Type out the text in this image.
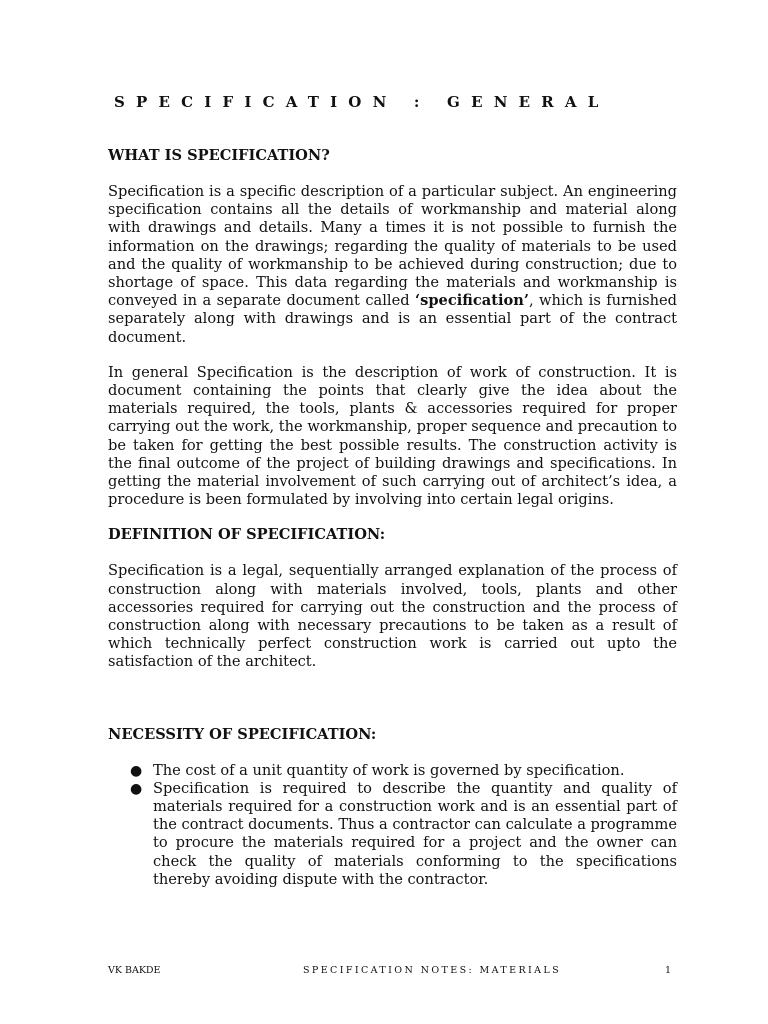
SPECIFICATION : GENERAL
WHAT IS SPECIFICATION?

Specification is a specific description of a particular subject. An engineering specification contains all the details of workmanship and material along with drawings and details. Many a times it is not possible to furnish the information on the drawings; regarding the quality of materials to be used and the quality of workmanship to be achieved during construction; due to shortage of space. This data regarding the materials and workmanship is conveyed in a separate document called ‘specification’, which is furnished separately along with drawings and is an essential part of the contract document.

In general Specification is the description of work of construction. It is document containing the points that clearly give the idea about the materials required, the tools, plants & accessories required for proper carrying out the work, the workmanship, proper sequence and precaution to be taken for getting the best possible results. The construction activity is the final outcome of the project of building drawings and specifications. In getting the material involvement of such carrying out of architect’s idea, a procedure is been formulated by involving into certain legal origins.

DEFINITION OF SPECIFICATION:

Specification is a legal, sequentially arranged explanation of the process of construction along with materials involved, tools, plants and other accessories required for carrying out the construction and the process of construction along with necessary precautions to be taken as a result of which technically perfect construction work is carried out upto the satisfaction of the architect.

NECESSITY OF SPECIFICATION:
● The cost of a unit quantity of work is governed by specification.
● Specification is required to describe the quantity and quality of materials required for a construction work and is an essential part of the contract documents. Thus a contractor can calculate a programme to procure the materials required for a project and the owner can check the quality of materials conforming to the specifications thereby avoiding dispute with the contractor.
VK BAKDE	SPECIFICATION NOTES: MATERIALS	1
